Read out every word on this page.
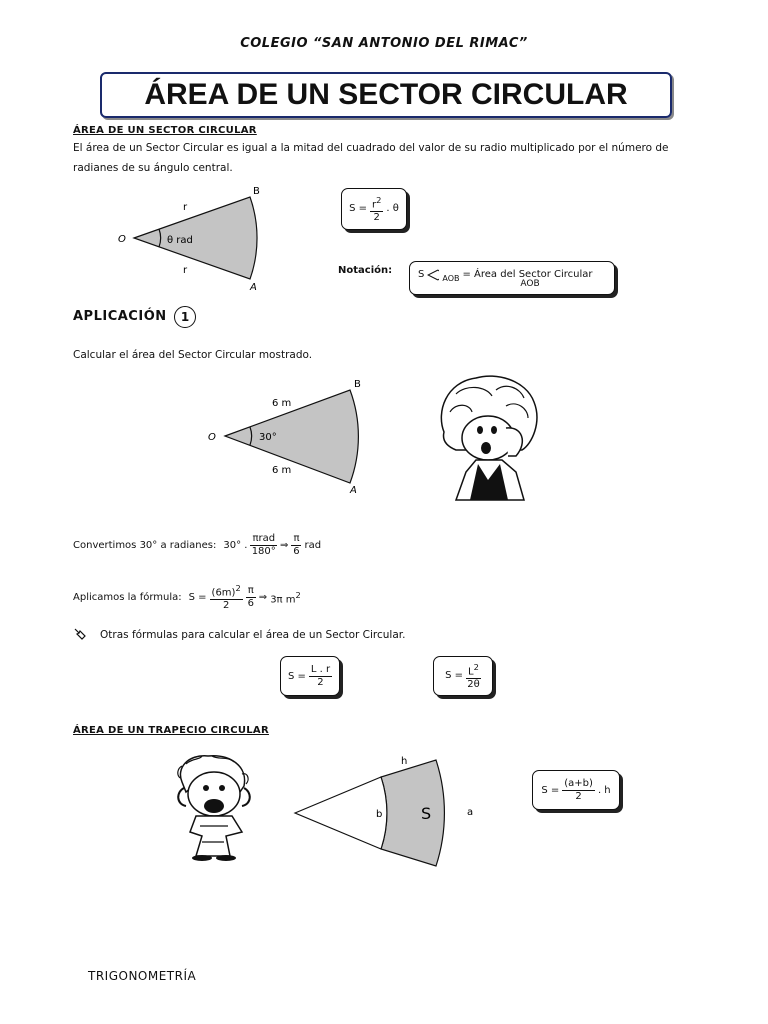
COLEGIO “SAN ANTONIO DEL RIMAC”
ÁREA DE UN SECTOR CIRCULAR
ÁREA DE UN SECTOR CIRCULAR
El área de un Sector Circular es igual a la mitad del cuadrado del valor de su radio multiplicado por el número de radianes de su ángulo central.
O
B
A
r
r
θ rad
$S = \frac{r^2}{2}$ . θ
Notación:	S AOB = Área del Sector Circular
AOB
APLICACIÓN	1
Calcular el área del Sector Circular mostrado.
O
B
A
6 m
6 m
30°
Convertimos 30° a radianes: 30° . $\frac{\text{πrad}}{180^\circ}$ ⇒ $\frac{\pi}{6}$ rad
Aplicamos la fórmula: $S = \frac{(6m)^2}{2} \frac{\pi}{6}$ ⇒ 3π $m^2$
Otras fórmulas para calcular el área de un Sector Circular.
$S = \frac{L . r}{2}$	$S = \frac{L^2}{2\theta}$
ÁREA DE UN TRAPECIO CIRCULAR
h
b	a
S
$S = \frac{(a+b)}{2}$ . h
TRIGONOMETRÍA
